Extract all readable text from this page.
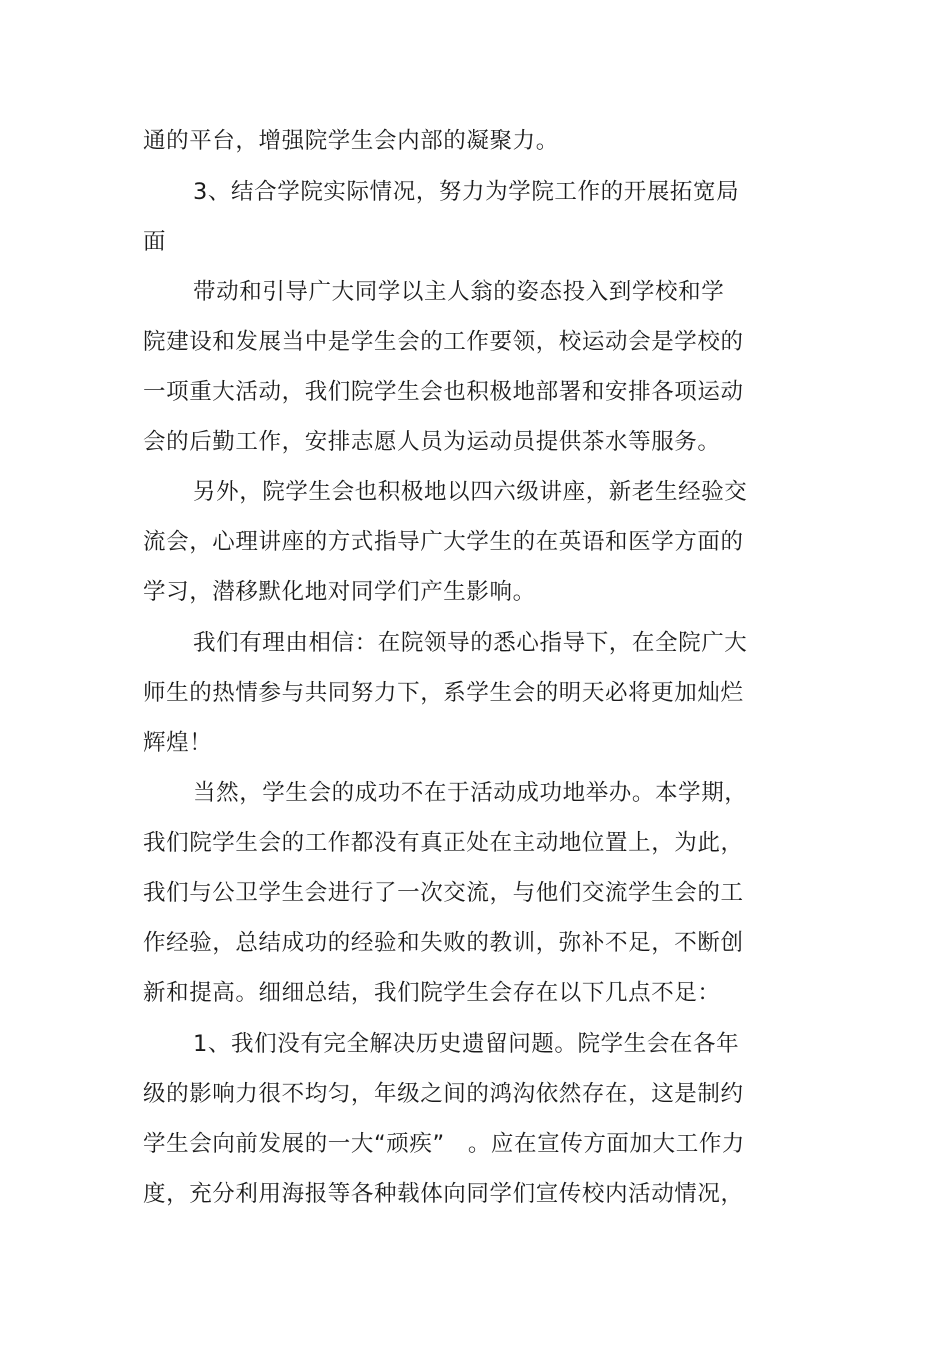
通的平台，增强院学生会内部的凝聚力。
3、结合学院实际情况，努力为学院工作的开展拓宽局
面
带动和引导广大同学以主人翁的姿态投入到学校和学
院建设和发展当中是学生会的工作要领，校运动会是学校的
一项重大活动，我们院学生会也积极地部署和安排各项运动
会的后勤工作，安排志愿人员为运动员提供茶水等服务。
另外，院学生会也积极地以四六级讲座，新老生经验交
流会，心理讲座的方式指导广大学生的在英语和医学方面的
学习，潜移默化地对同学们产生影响。
我们有理由相信：在院领导的悉心指导下，在全院广大
师生的热情参与共同努力下，系学生会的明天必将更加灿烂
辉煌！
当然，学生会的成功不在于活动成功地举办。本学期，
我们院学生会的工作都没有真正处在主动地位置上，为此，
我们与公卫学生会进行了一次交流，与他们交流学生会的工
作经验，总结成功的经验和失败的教训，弥补不足，不断创
新和提高。细细总结，我们院学生会存在以下几点不足：
1、我们没有完全解决历史遗留问题。院学生会在各年
级的影响力很不均匀，年级之间的鸿沟依然存在，这是制约
学生会向前发展的一大“顽疾”　。应在宣传方面加大工作力
度，充分利用海报等各种载体向同学们宣传校内活动情况，
